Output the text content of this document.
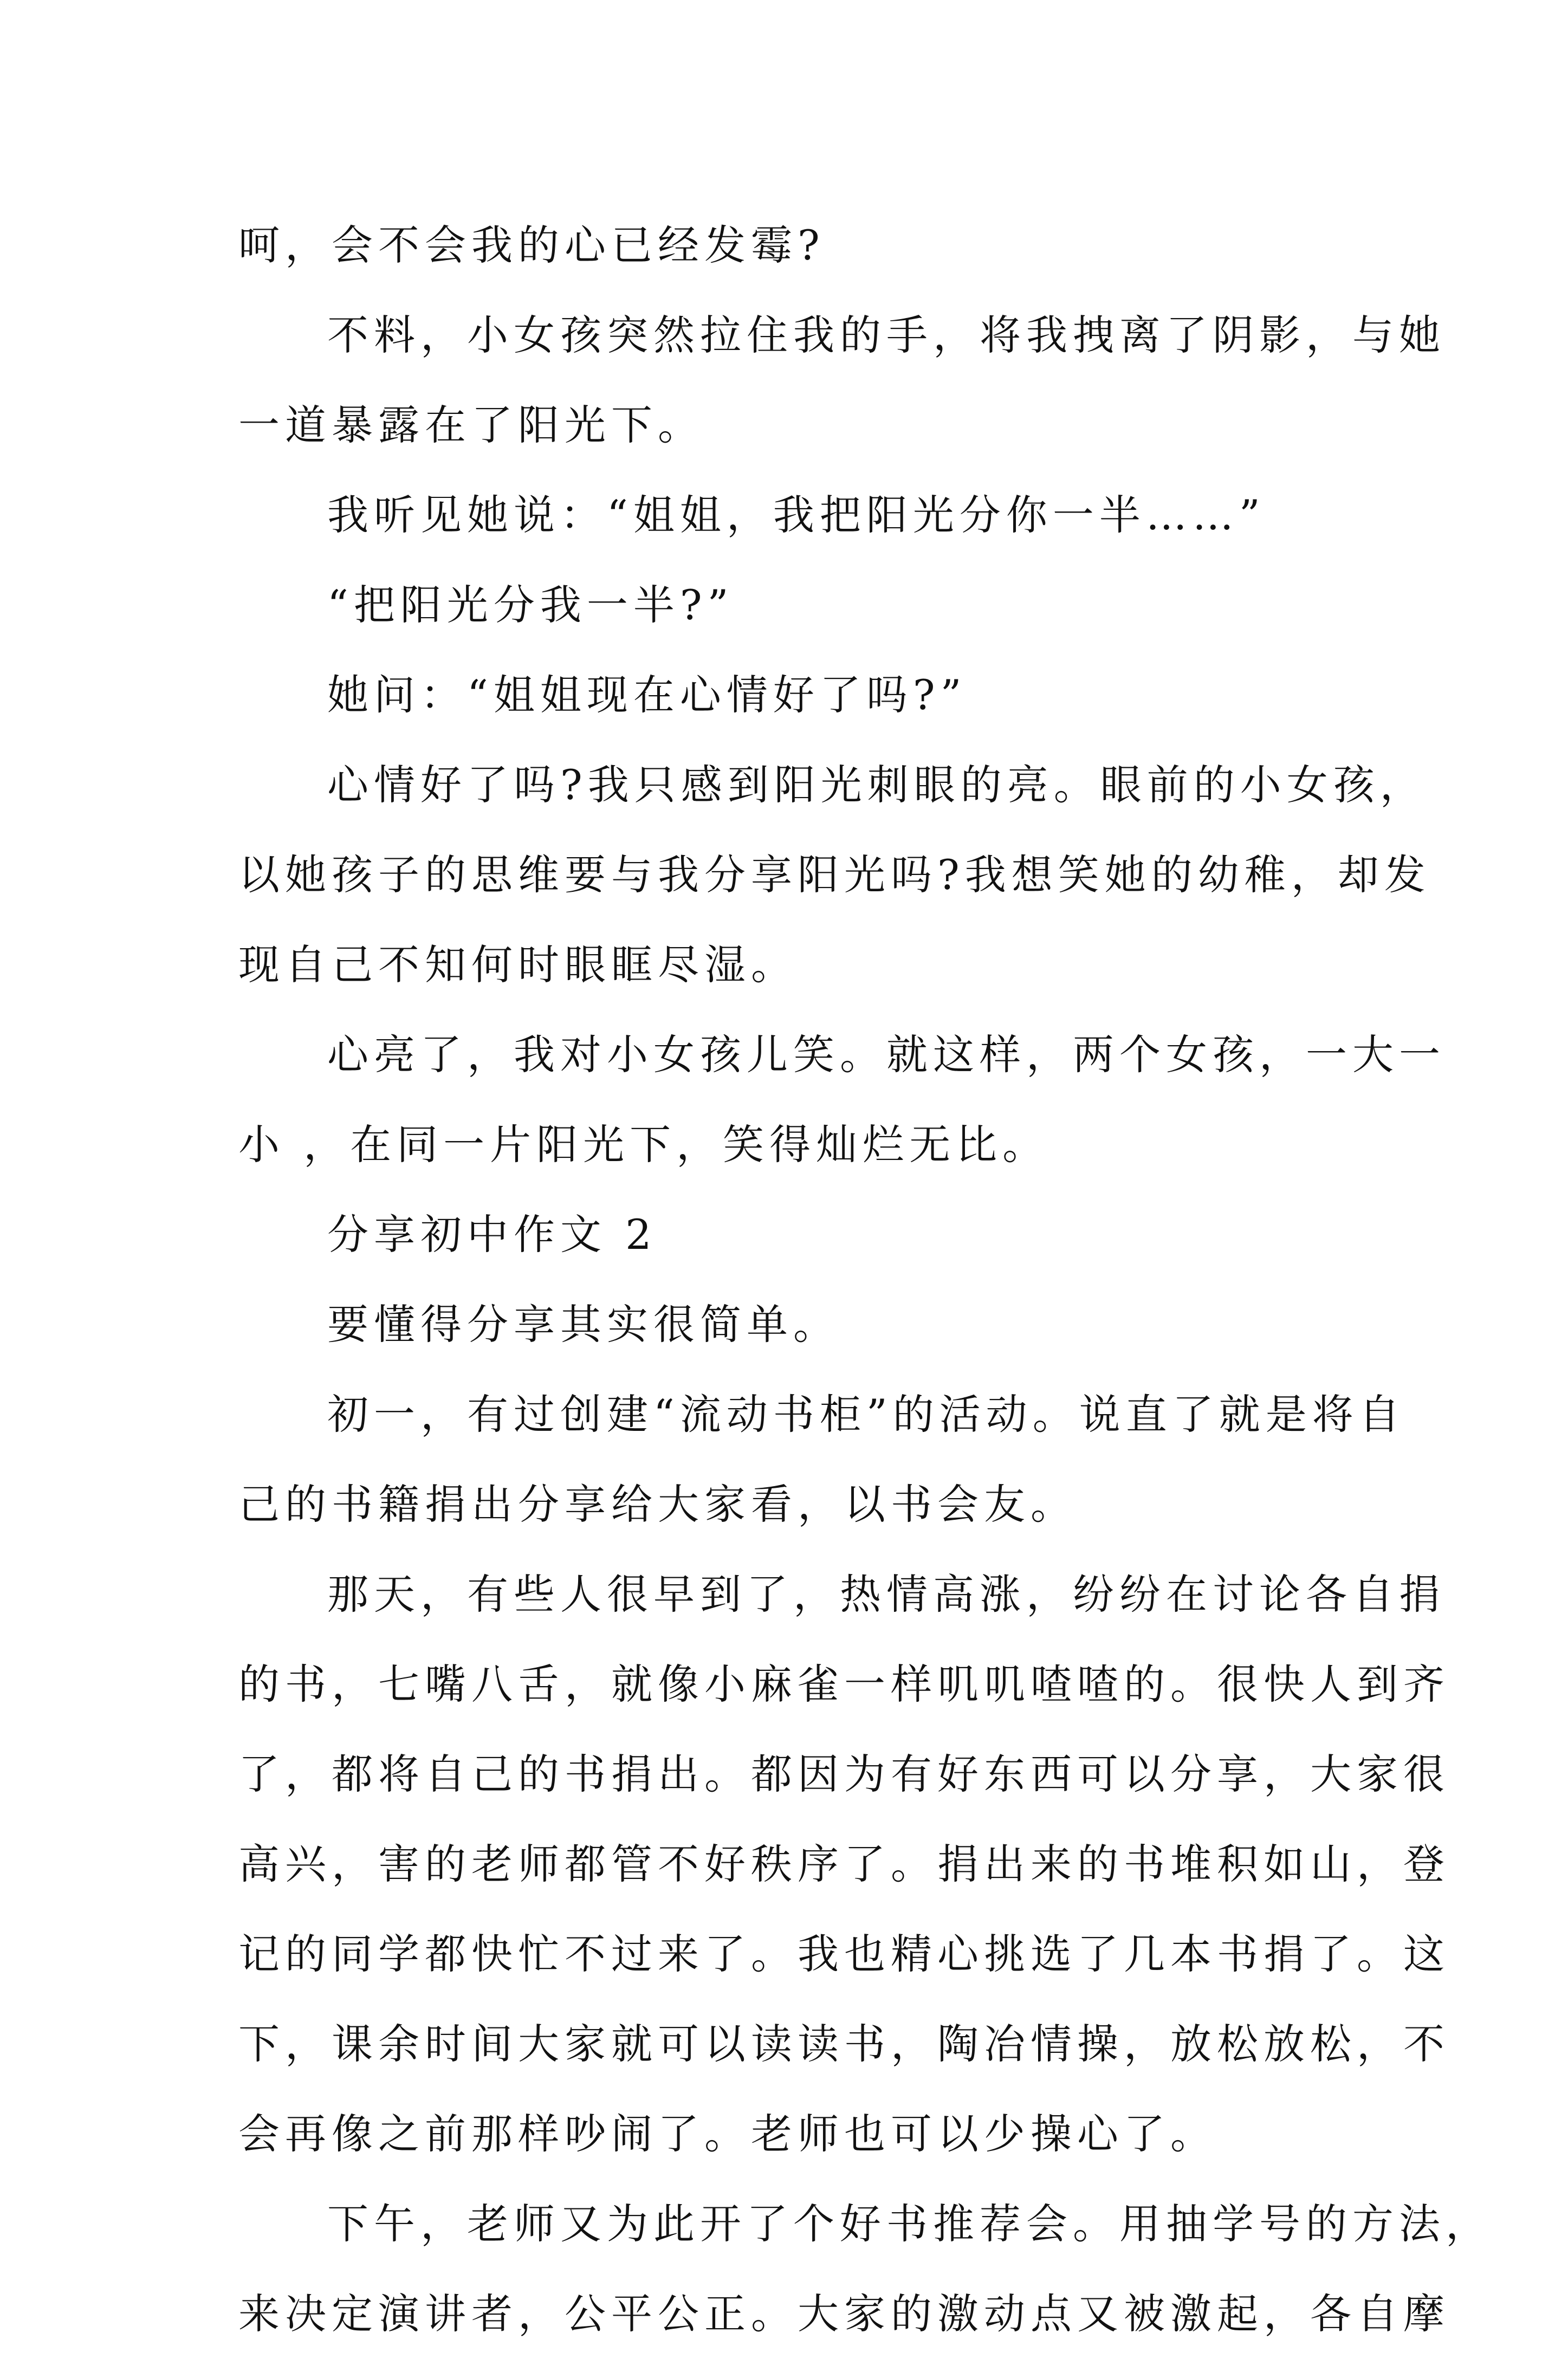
呵，会不会我的心已经发霉?
不料，小女孩突然拉住我的手，将我拽离了阴影，与她
一道暴露在了阳光下。
我听见她说：“姐姐，我把阳光分你一半……”
“把阳光分我一半?”
她问：“姐姐现在心情好了吗?”
心情好了吗?我只感到阳光刺眼的亮。眼前的小女孩，
以她孩子的思维要与我分享阳光吗?我想笑她的幼稚，却发
现自己不知何时眼眶尽湿。
心亮了，我对小女孩儿笑。就这样，两个女孩，一大一
小 ，在同一片阳光下，笑得灿烂无比。
分享初中作文 2
要懂得分享其实很简单。
初一，有过创建“流动书柜”的活动。说直了就是将自
己的书籍捐出分享给大家看，以书会友。
那天，有些人很早到了，热情高涨，纷纷在讨论各自捐
的书，七嘴八舌，就像小麻雀一样叽叽喳喳的。很快人到齐
了，都将自己的书捐出。都因为有好东西可以分享，大家很
高兴，害的老师都管不好秩序了。捐出来的书堆积如山，登
记的同学都快忙不过来了。我也精心挑选了几本书捐了。这
下，课余时间大家就可以读读书，陶冶情操，放松放松，不
会再像之前那样吵闹了。老师也可以少操心了。
下午，老师又为此开了个好书推荐会。用抽学号的方法，
来决定演讲者，公平公正。大家的激动点又被激起，各自摩
